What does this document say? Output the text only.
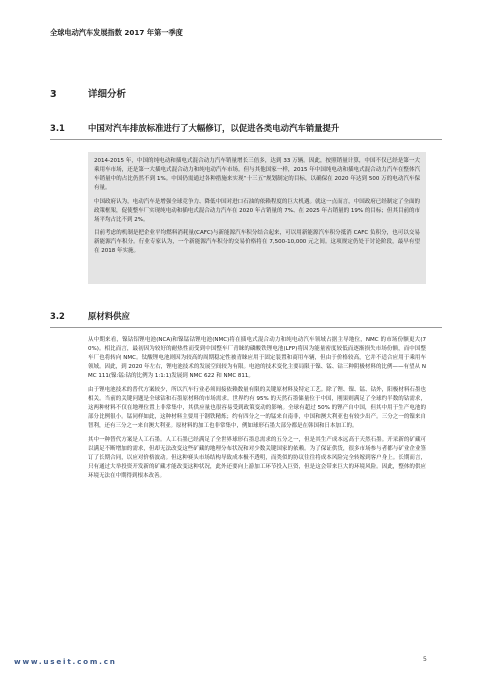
全球电动汽车发展指数 2017 年第一季度
3	详细分析
3.1	中国对汽车排放标准进行了大幅修订，以促进各类电动汽车销量提升

2014-2015 年，中国的纯电动和插电式混合动力汽车销量增长三倍多，达到 33 万辆。因此，按照销量计算，中国不仅已经是第一大乘用车市场，还是第一大插电式混合动力和纯电动汽车市场。但与其他国家一样，2015 年中国纯电动和插电式混合动力汽车在整体汽车销量中的占比仍然不到 1%。中国仍需通过各种措施来实现“十三五”规划制定的目标，以确保在 2020 年达到 500 万的电动汽车保有量。

中国政府认为，电动汽车是增强全球竞争力、降低中国对进口石油的依赖程度的巨大机遇。就这一点而言，中国政府已经制定了全面的政策框架，促使整车厂实现纯电动和插电式混合动力汽车在 2020 年占销量的 7%、在 2025 年占销量的 19% 的目标；但其目前的市场平均占比不到 2%。

目前考虑的机制是把企业平均燃料消耗量(CAFC)与新能源汽车积分结合起来，可以用新能源汽车积分抵消 CAFC 负积分，也可以交易新能源汽车积分。行业专家认为，一个新能源汽车积分的交易价格将在 7,500-10,000 元之间。这项规定仍处于讨论阶段，最早有望在 2018 年实施。

3.2	原材料供应

从中期来看，镍钴铝锂电池(NCA)和镍锰钴锂电池(NMC)将在插电式混合动力和纯电动汽车领域占据主导地位，NMC 的市场份额更大(70%)。相比而言，最初因为较好的耐热性而受到中国整车厂青睐的磷酸铁锂电池(LFP)将因为能量密度较低而逐渐损失市场份额，而中国整车厂也将转向 NMC。钛酸锂电池则因为较高的周期稳定性被青睐应用于固定装置和商用车辆，但由于价格较高，它并不适合应用于乘用车领域。因此，到 2020 年左右，锂电池技术的发展空间较为有限。电池的技术变化主要局限于镍、锰、钴三种阴极材料的比例——有望从 NMC 111(镍:锰:钴的比例为 1:1:1)发展到 NMC 622 和 NMC 811。

由于锂电池技术的普代方案较少，所以汽车行业必须间接依赖数量有限的关键原材料及特定工艺。除了锂、镍、锰、钴外，阳极材料石墨也相关。当前的关键问题是全球钴和石墨原材料的市场需求。世界约有 95% 的天然石墨储量位于中国，刚果则满足了全球约半数的钴需求，这两种材料不仅在地理位置上非常集中，其供应量也很容易受到政策变动的影响。全球有超过 50% 的锂产自中国，但其中用于生产电池的部分比例很小。锰同样如此，这种材料主要用于钢铁精炼；约有四分之一的锰来自南非，中国和澳大利亚也有较少出产。三分之一的镍来自智利，还有三分之一来自澳大利亚。原材料的加工也非常集中，例如球形石墨大部分都是在韩国和日本加工的。

其中一种替代方案是人工石墨。人工石墨已经满足了全世界球形石墨总需求的五分之一，但是其生产成本远高于天然石墨。开采新的矿藏可以满足不断增加的需求，但却无法改变这些矿藏的地理分布状况和对少数关键国家的依赖。为了保证供货，很多市场参与者都与矿业企业签订了长期合同，以应对价格波动。但这种赛头市场结构导致成本极不透明，而类似的协议往往将成本风险完全转嫁到客户身上。长期而言，只有通过大举投资开发新的矿藏才能改变这种状况，此外还要向上游加工环节投入巨资，但是这会带来巨大的环境风险。因此，整体的供应环境无法在中期得到根本改善。

www.useit.com.cn	5
